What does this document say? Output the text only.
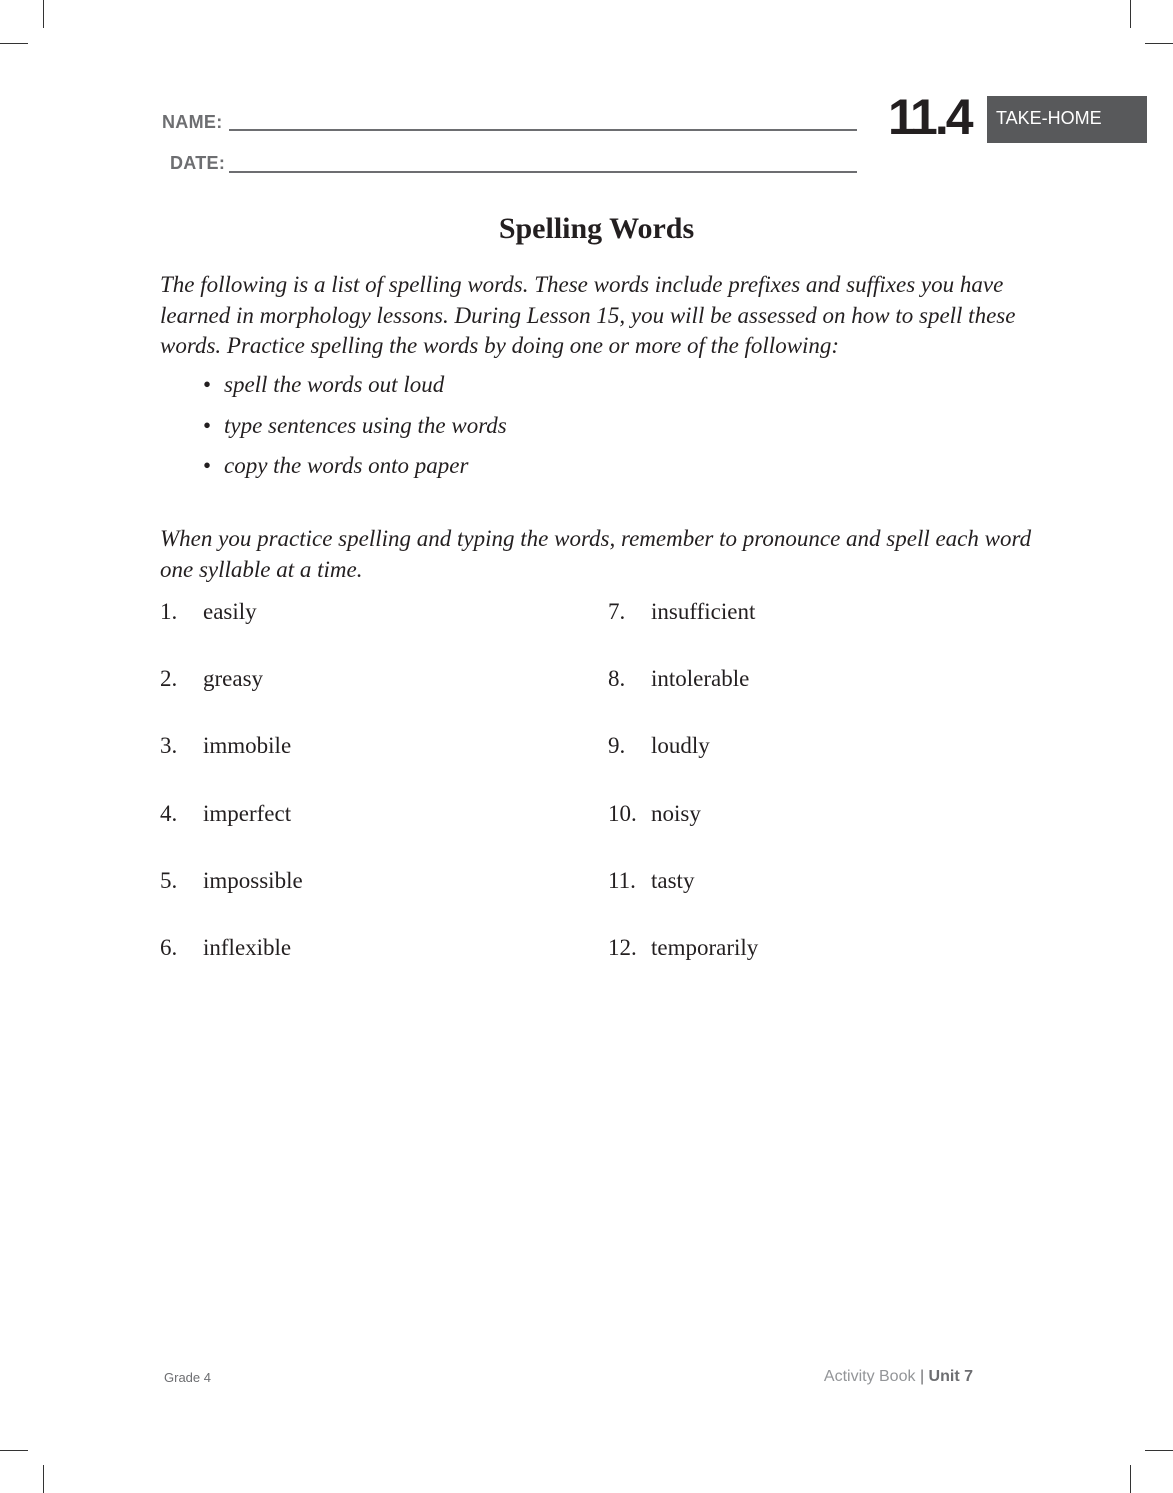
NAME:
DATE:
11.4	TAKE-HOME
Spelling Words

The following is a list of spelling words. These words include prefixes and suffixes you have learned in morphology lessons. During Lesson 15, you will be assessed on how to spell these words. Practice spelling the words by doing one or more of the following:

• spell the words out loud
• type sentences using the words
• copy the words onto paper

When you practice spelling and typing the words, remember to pronounce and spell each word one syllable at a time.

1. easily
2. greasy
3. immobile
4. imperfect
5. impossible
6. inflexible
7. insufficient
8. intolerable
9. loudly
10. noisy
11. tasty
12. temporarily
Grade 4	Activity Book | Unit 7
